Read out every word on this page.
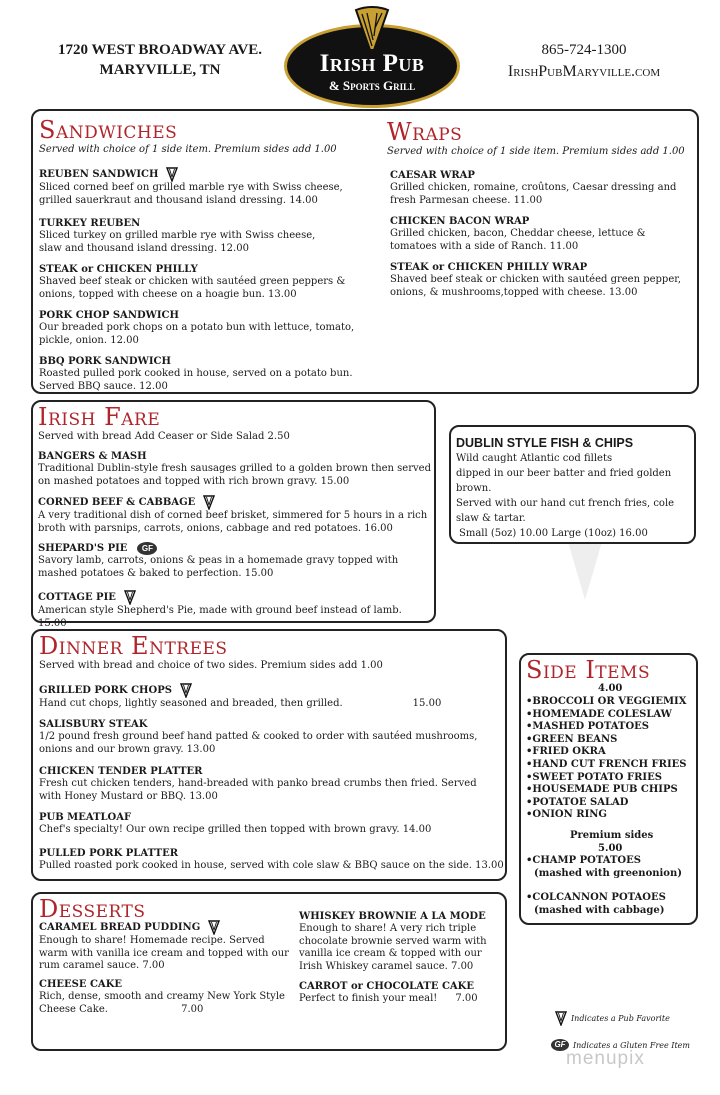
1720 WEST BROADWAY AVE.
MARYVILLE, TN	Irish Pub
& Sports Grill
865-724-1300
IrishPubMaryville.com
Sandwiches
Served with choice of 1 side item. Premium sides add 1.00
REUBEN SANDWICH
Sliced corned beef on grilled marble rye with Swiss cheese, grilled sauerkraut and thousand island dressing. 14.00
TURKEY REUBEN
Sliced turkey on grilled marble rye with Swiss cheese, slaw and thousand island dressing. 12.00
STEAK or CHICKEN PHILLY
Shaved beef steak or chicken with sautéed green peppers & onions, topped with cheese on a hoagie bun. 13.00
PORK CHOP SANDWICH
Our breaded pork chops on a potato bun with lettuce, tomato, pickle, onion. 12.00
BBQ PORK SANDWICH
Roasted pulled pork cooked in house, served on a potato bun. Served BBQ sauce. 12.00
Wraps
Served with choice of 1 side item. Premium sides add 1.00
CAESAR WRAP
Grilled chicken, romaine, croûtons, Caesar dressing and fresh Parmesan cheese. 11.00
CHICKEN BACON WRAP
Grilled chicken, bacon, Cheddar cheese, lettuce & tomatoes with a side of Ranch. 11.00
STEAK or CHICKEN PHILLY WRAP
Shaved beef steak or chicken with sautéed green pepper, onions, & mushrooms,topped with cheese. 13.00
Irish Fare
Served with bread Add Ceaser or Side Salad 2.50
BANGERS & MASH
Traditional Dublin-style fresh sausages grilled to a golden brown then served on mashed potatoes and topped with rich brown gravy. 15.00
CORNED BEEF & CABBAGE
A very traditional dish of corned beef brisket, simmered for 5 hours in a rich broth with parsnips, carrots, onions, cabbage and red potatoes. 16.00
SHEPARD'S PIE	GF
Savory lamb, carrots, onions & peas in a homemade gravy topped with mashed potatoes & baked to perfection. 15.00
COTTAGE PIE
American style Shepherd's Pie, made with ground beef instead of lamb. 15.00
DUBLIN STYLE FISH & CHIPS
Wild caught Atlantic cod fillets
dipped in our beer batter and fried golden brown.
Served with our hand cut french fries, cole slaw & tartar.
Small (5oz) 10.00 Large (10oz) 16.00
Dinner Entrees
Served with bread and choice of two sides. Premium sides add 1.00
GRILLED PORK CHOPS
Hand cut chops, lightly seasoned and breaded, then grilled.	15.00
SALISBURY STEAK
1/2 pound fresh ground beef hand patted & cooked to order with sautéed mushrooms, onions and our brown gravy. 13.00
CHICKEN TENDER PLATTER
Fresh cut chicken tenders, hand-breaded with panko bread crumbs then fried. Served with Honey Mustard or BBQ. 13.00
PUB MEATLOAF
Chef's specialty! Our own recipe grilled then topped with brown gravy. 14.00
PULLED PORK PLATTER
Pulled roasted pork cooked in house, served with cole slaw & BBQ sauce on the side. 13.00
Side Items
4.00
•BROCCOLI OR VEGGIEMIX
•HOMEMADE COLESLAW
•MASHED POTATOES
•GREEN BEANS
•FRIED OKRA
•HAND CUT FRENCH FRIES
•SWEET POTATO FRIES
•HOUSEMADE PUB CHIPS
•POTATOE SALAD
•ONION RING
Premium sides
5.00
•CHAMP POTATOES
(mashed with greenonion)
•COLCANNON POTAOES
(mashed with cabbage)
Desserts
CARAMEL BREAD PUDDING
Enough to share! Homemade recipe. Served warm with vanilla ice cream and topped with our rum caramel sauce. 7.00
CHEESE CAKE
Rich, dense, smooth and creamy New York Style Cheese Cake.	7.00
WHISKEY BROWNIE A LA MODE
Enough to share! A very rich triple chocolate brownie served warm with vanilla ice cream & topped with our Irish Whiskey caramel sauce. 7.00
CARROT or CHOCOLATE CAKE
Perfect to finish your meal! 7.00
Indicates a Pub Favorite
GF Indicates a Gluten Free Item
menupix
